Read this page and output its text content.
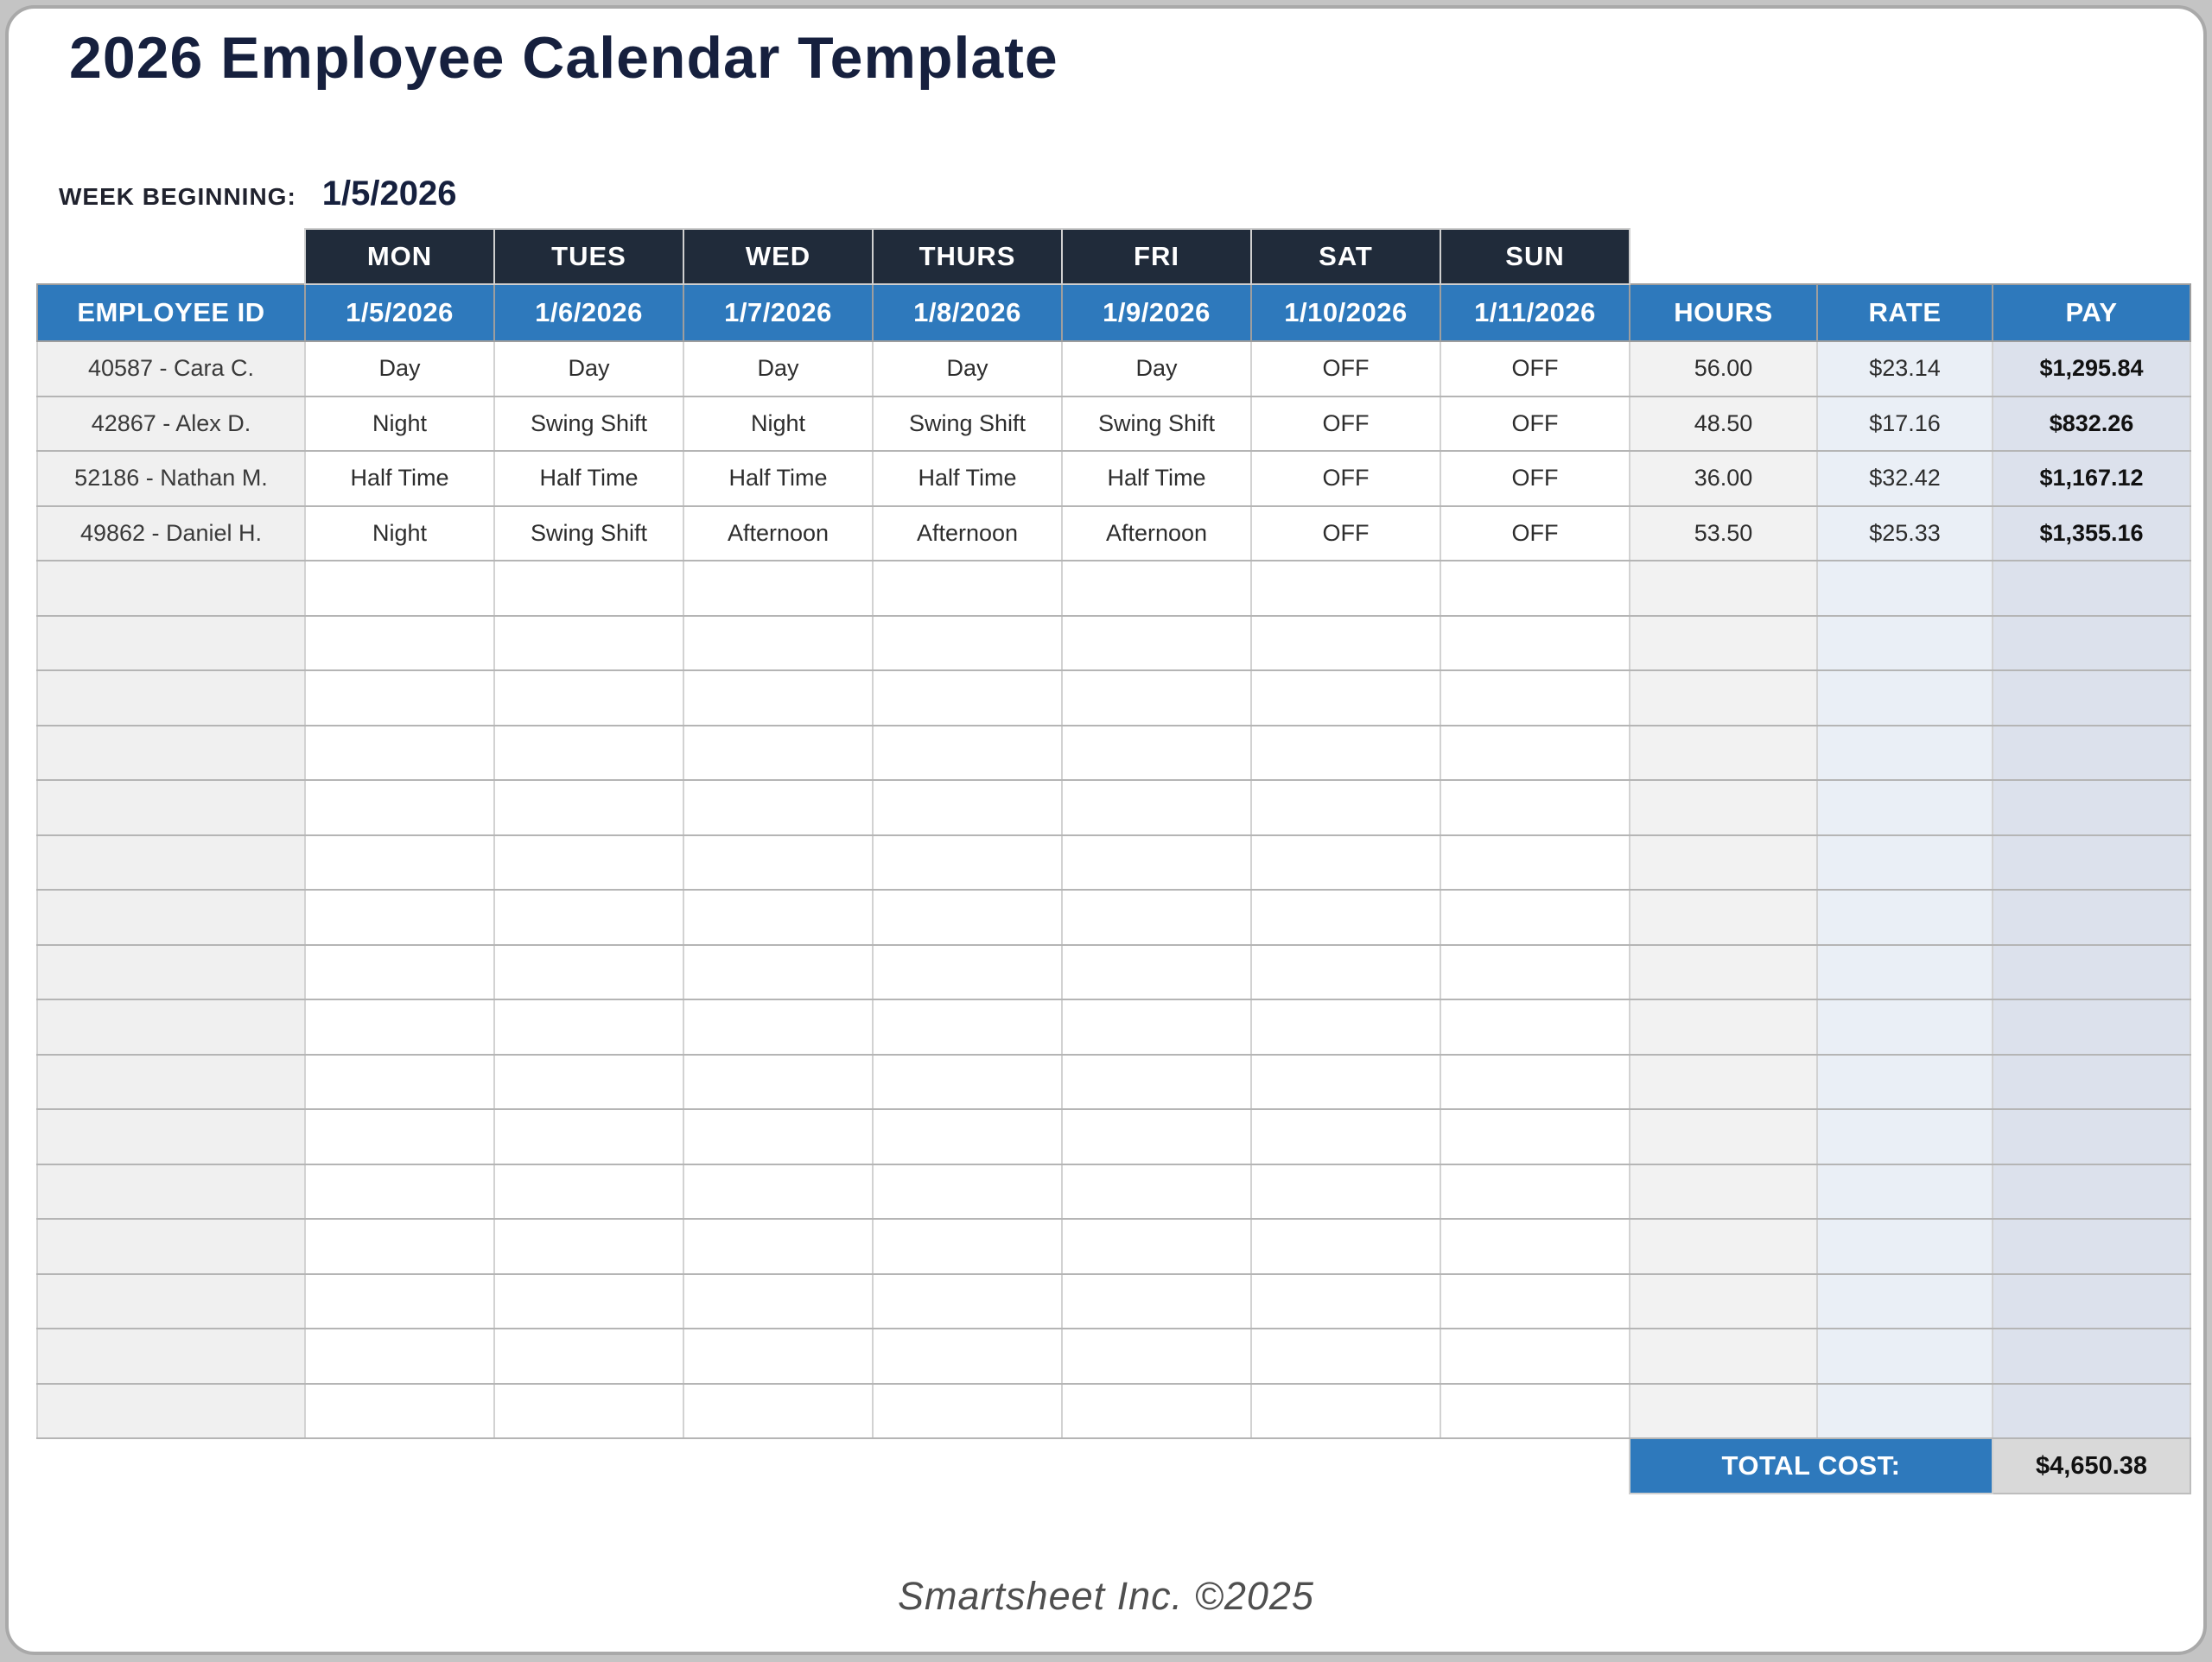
2026 Employee Calendar Template
WEEK BEGINNING: 1/5/2026
	MON	TUES	WED	THURS	FRI	SAT	SUN			
EMPLOYEE ID	1/5/2026	1/6/2026	1/7/2026	1/8/2026	1/9/2026	1/10/2026	1/11/2026	HOURS	RATE	PAY
40587 - Cara C.	Day	Day	Day	Day	Day	OFF	OFF	56.00	$23.14	$1,295.84
42867 - Alex D.	Night	Swing Shift	Night	Swing Shift	Swing Shift	OFF	OFF	48.50	$17.16	$832.26
52186 - Nathan M.	Half Time	Half Time	Half Time	Half Time	Half Time	OFF	OFF	36.00	$32.42	$1,167.12
49862 - Daniel H.	Night	Swing Shift	Afternoon	Afternoon	Afternoon	OFF	OFF	53.50	$25.33	$1,355.16

								TOTAL COST:		$4,650.38
Smartsheet Inc. ©2025
